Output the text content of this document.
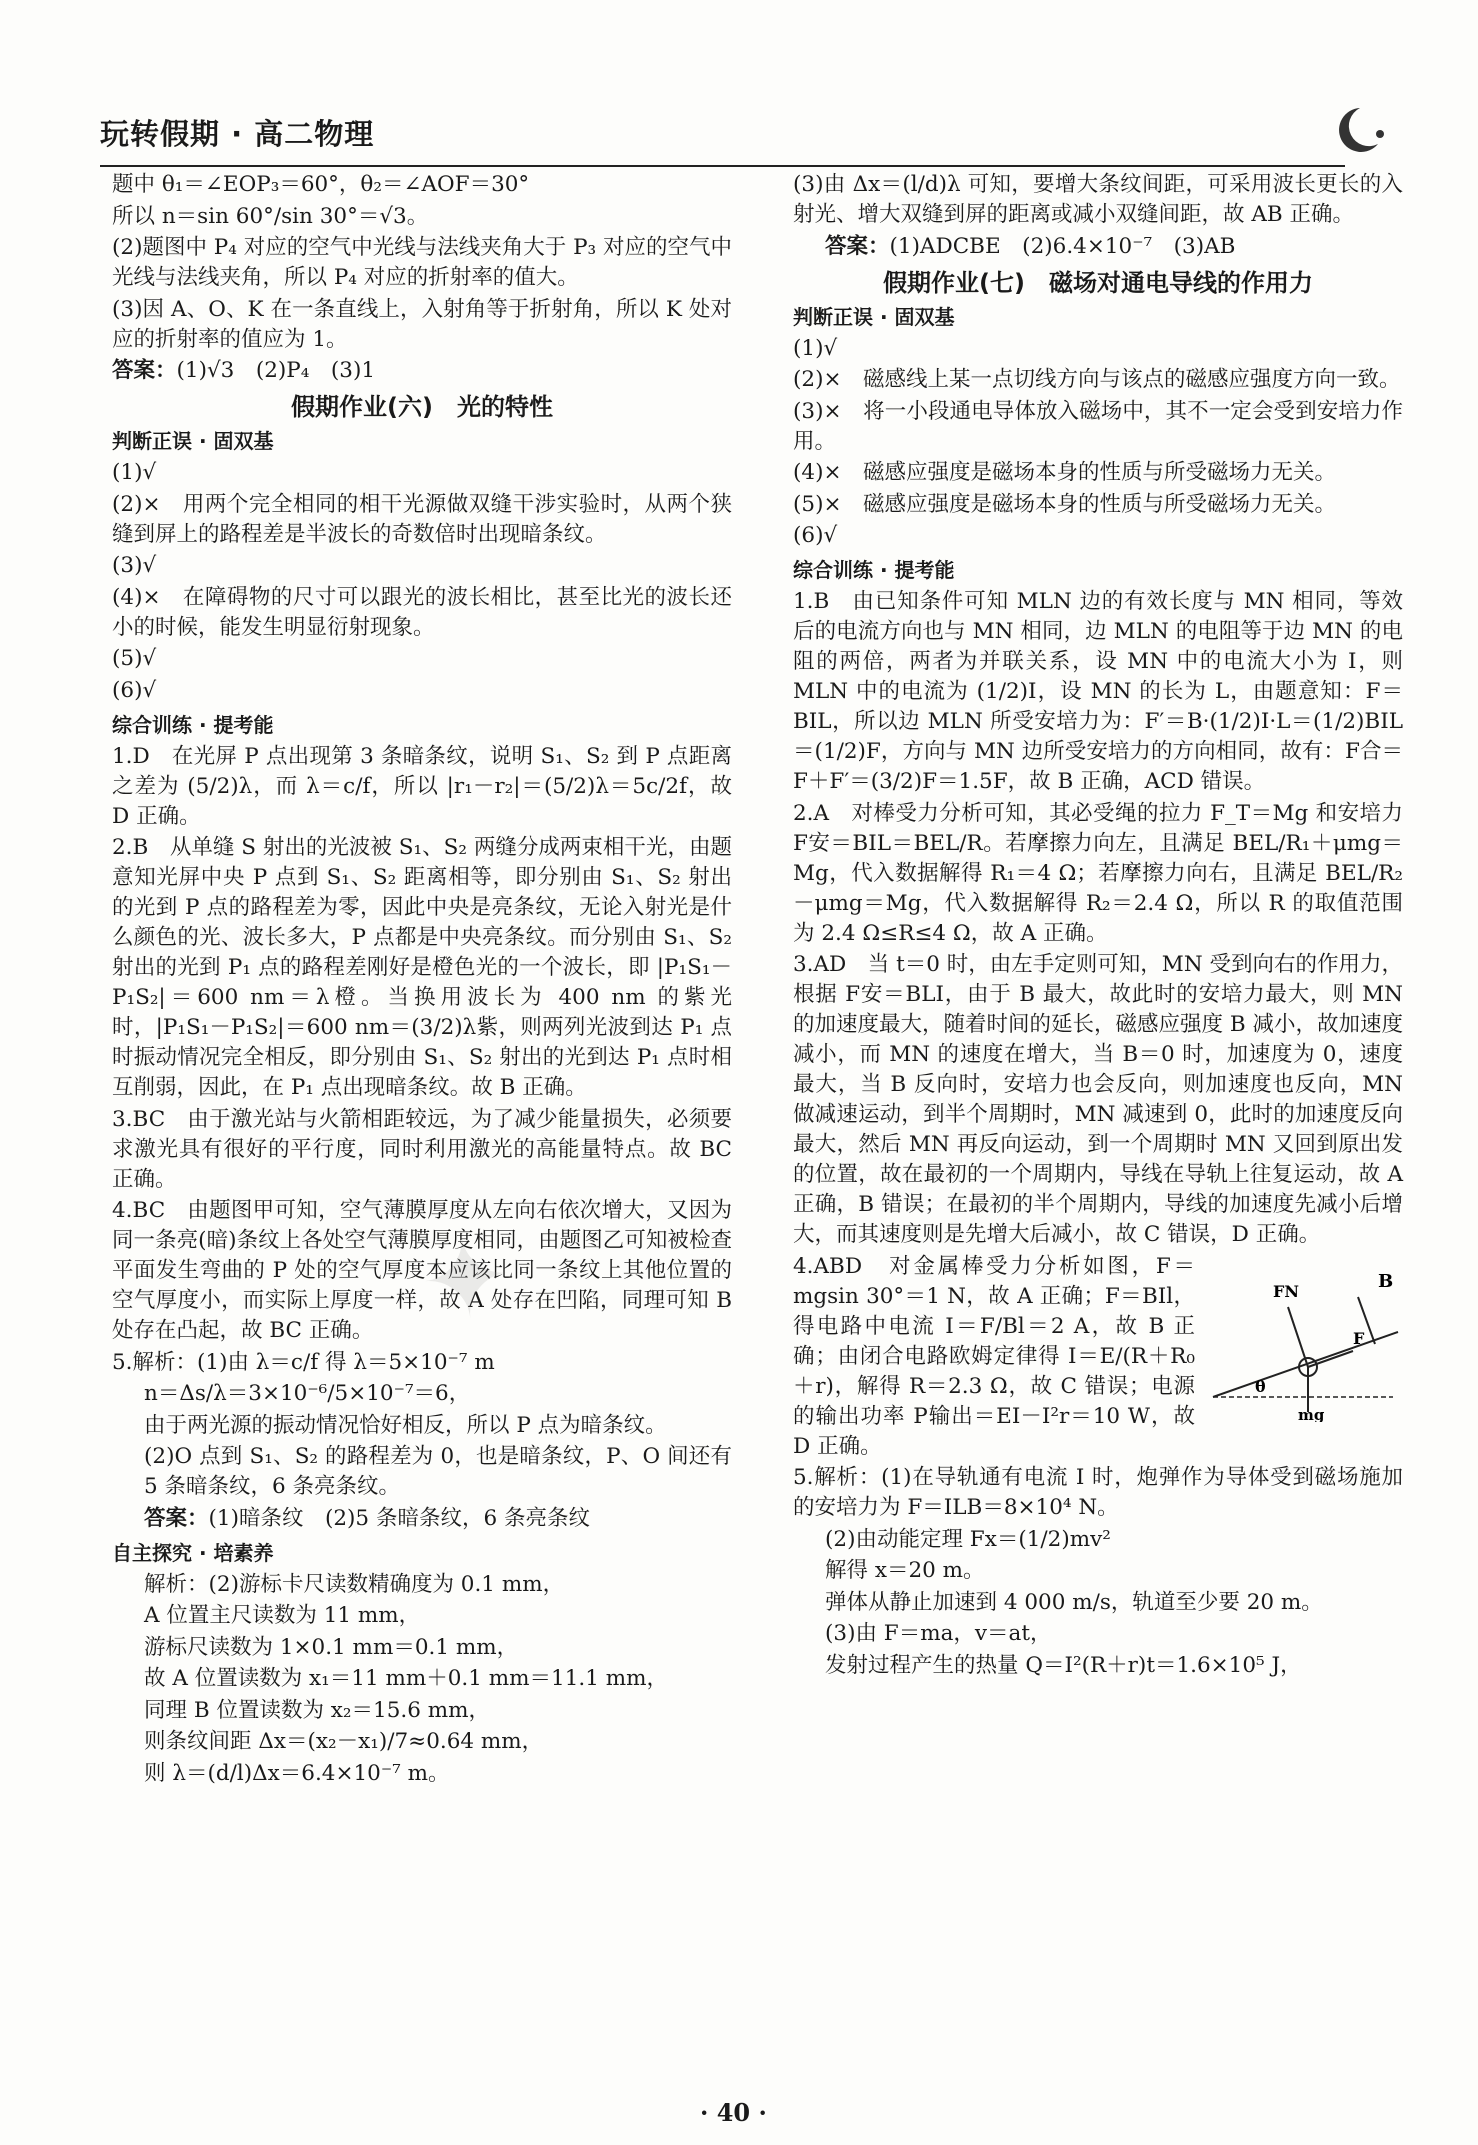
玩转假期 · 高二物理

题中 θ₁＝∠EOP₃＝60°，θ₂＝∠AOF＝30°

所以 n＝sin 60°/sin 30°＝√3。

(2)题图中 P₄ 对应的空气中光线与法线夹角大于 P₃ 对应的空气中光线与法线夹角，所以 P₄ 对应的折射率的值大。

(3)因 A、O、K 在一条直线上，入射角等于折射角，所以 K 处对应的折射率的值应为 1。

答案：(1)√3　(2)P₄　(3)1

假期作业(六)　光的特性
判断正误 · 固双基

(1)√

(2)×　用两个完全相同的相干光源做双缝干涉实验时，从两个狭缝到屏上的路程差是半波长的奇数倍时出现暗条纹。

(3)√

(4)×　在障碍物的尺寸可以跟光的波长相比，甚至比光的波长还小的时候，能发生明显衍射现象。

(5)√

(6)√

综合训练 · 提考能

1.D　在光屏 P 点出现第 3 条暗条纹，说明 S₁、S₂ 到 P 点距离之差为 (5/2)λ，而 λ＝c/f，所以 |r₁－r₂|＝(5/2)λ＝5c/2f，故 D 正确。

2.B　从单缝 S 射出的光波被 S₁、S₂ 两缝分成两束相干光，由题意知光屏中央 P 点到 S₁、S₂ 距离相等，即分别由 S₁、S₂ 射出的光到 P 点的路程差为零，因此中央是亮条纹，无论入射光是什么颜色的光、波长多大，P 点都是中央亮条纹。而分别由 S₁、S₂ 射出的光到 P₁ 点的路程差刚好是橙色光的一个波长，即 |P₁S₁－P₁S₂|＝600 nm＝λ橙。当换用波长为 400 nm 的紫光时，|P₁S₁－P₁S₂|＝600 nm＝(3/2)λ紫，则两列光波到达 P₁ 点时振动情况完全相反，即分别由 S₁、S₂ 射出的光到达 P₁ 点时相互削弱，因此，在 P₁ 点出现暗条纹。故 B 正确。

3.BC　由于激光站与火箭相距较远，为了减少能量损失，必须要求激光具有很好的平行度，同时利用激光的高能量特点。故 BC 正确。

4.BC　由题图甲可知，空气薄膜厚度从左向右依次增大，又因为同一条亮(暗)条纹上各处空气薄膜厚度相同，由题图乙可知被检查平面发生弯曲的 P 处的空气厚度本应该比同一条纹上其他位置的空气厚度小，而实际上厚度一样，故 A 处存在凹陷，同理可知 B 处存在凸起，故 BC 正确。

5.解析：(1)由 λ＝c/f 得 λ＝5×10⁻⁷ m

n＝Δs/λ＝3×10⁻⁶/5×10⁻⁷＝6，

由于两光源的振动情况恰好相反，所以 P 点为暗条纹。

(2)O 点到 S₁、S₂ 的路程差为 0，也是暗条纹，P、O 间还有 5 条暗条纹，6 条亮条纹。

答案：(1)暗条纹　(2)5 条暗条纹，6 条亮条纹

自主探究 · 培素养

解析：(2)游标卡尺读数精确度为 0.1 mm，

A 位置主尺读数为 11 mm，

游标尺读数为 1×0.1 mm＝0.1 mm，

故 A 位置读数为 x₁＝11 mm＋0.1 mm＝11.1 mm，

同理 B 位置读数为 x₂＝15.6 mm，

则条纹间距 Δx＝(x₂－x₁)/7≈0.64 mm，

则 λ＝(d/l)Δx＝6.4×10⁻⁷ m。

(3)由 Δx＝(l/d)λ 可知，要增大条纹间距，可采用波长更长的入射光、增大双缝到屏的距离或减小双缝间距，故 AB 正确。

答案：(1)ADCBE　(2)6.4×10⁻⁷　(3)AB

假期作业(七)　磁场对通电导线的作用力
判断正误 · 固双基

(1)√

(2)×　磁感线上某一点切线方向与该点的磁感应强度方向一致。

(3)×　将一小段通电导体放入磁场中，其不一定会受到安培力作用。

(4)×　磁感应强度是磁场本身的性质与所受磁场力无关。

(5)×　磁感应强度是磁场本身的性质与所受磁场力无关。

(6)√

综合训练 · 提考能

1.B　由已知条件可知 MLN 边的有效长度与 MN 相同，等效后的电流方向也与 MN 相同，边 MLN 的电阻等于边 MN 的电阻的两倍，两者为并联关系，设 MN 中的电流大小为 I，则 MLN 中的电流为 (1/2)I，设 MN 的长为 L，由题意知：F＝BIL，所以边 MLN 所受安培力为：F′＝B·(1/2)I·L＝(1/2)BIL＝(1/2)F，方向与 MN 边所受安培力的方向相同，故有：F合＝F＋F′＝(3/2)F＝1.5F，故 B 正确，ACD 错误。

2.A　对棒受力分析可知，其必受绳的拉力 F_T＝Mg 和安培力 F安＝BIL＝BEL/R。若摩擦力向左，且满足 BEL/R₁＋μmg＝Mg，代入数据解得 R₁＝4 Ω；若摩擦力向右，且满足 BEL/R₂－μmg＝Mg，代入数据解得 R₂＝2.4 Ω，所以 R 的取值范围为 2.4 Ω≤R≤4 Ω，故 A 正确。

3.AD　当 t＝0 时，由左手定则可知，MN 受到向右的作用力，根据 F安＝BLI，由于 B 最大，故此时的安培力最大，则 MN 的加速度最大，随着时间的延长，磁感应强度 B 减小，故加速度减小，而 MN 的速度在增大，当 B＝0 时，加速度为 0，速度最大，当 B 反向时，安培力也会反向，则加速度也反向，MN 做减速运动，到半个周期时，MN 减速到 0，此时的加速度反向最大，然后 MN 再反向运动，到一个周期时 MN 又回到原出发的位置，故在最初的一个周期内，导线在导轨上往复运动，故 A 正确，B 错误；在最初的半个周期内，导线的加速度先减小后增大，而其速度则是先增大后减小，故 C 错误，D 正确。

FN
F
B
θ
mg

4.ABD　对金属棒受力分析如图，F＝mgsin 30°＝1 N，故 A 正确；F＝BIl，得电路中电流 I＝F/Bl＝2 A，故 B 正确；由闭合电路欧姆定律得 I＝E/(R＋R₀＋r)，解得 R＝2.3 Ω，故 C 错误；电源的输出功率 P输出＝EI－I²r＝10 W，故 D 正确。

5.解析：(1)在导轨通有电流 I 时，炮弹作为导体受到磁场施加的安培力为 F＝ILB＝8×10⁴ N。

(2)由动能定理 Fx＝(1/2)mv²

解得 x＝20 m。

弹体从静止加速到 4 000 m/s，轨道至少要 20 m。

(3)由 F＝ma，v＝at，

发射过程产生的热量 Q＝I²(R＋r)t＝1.6×10⁵ J，

✦
· 40 ·
